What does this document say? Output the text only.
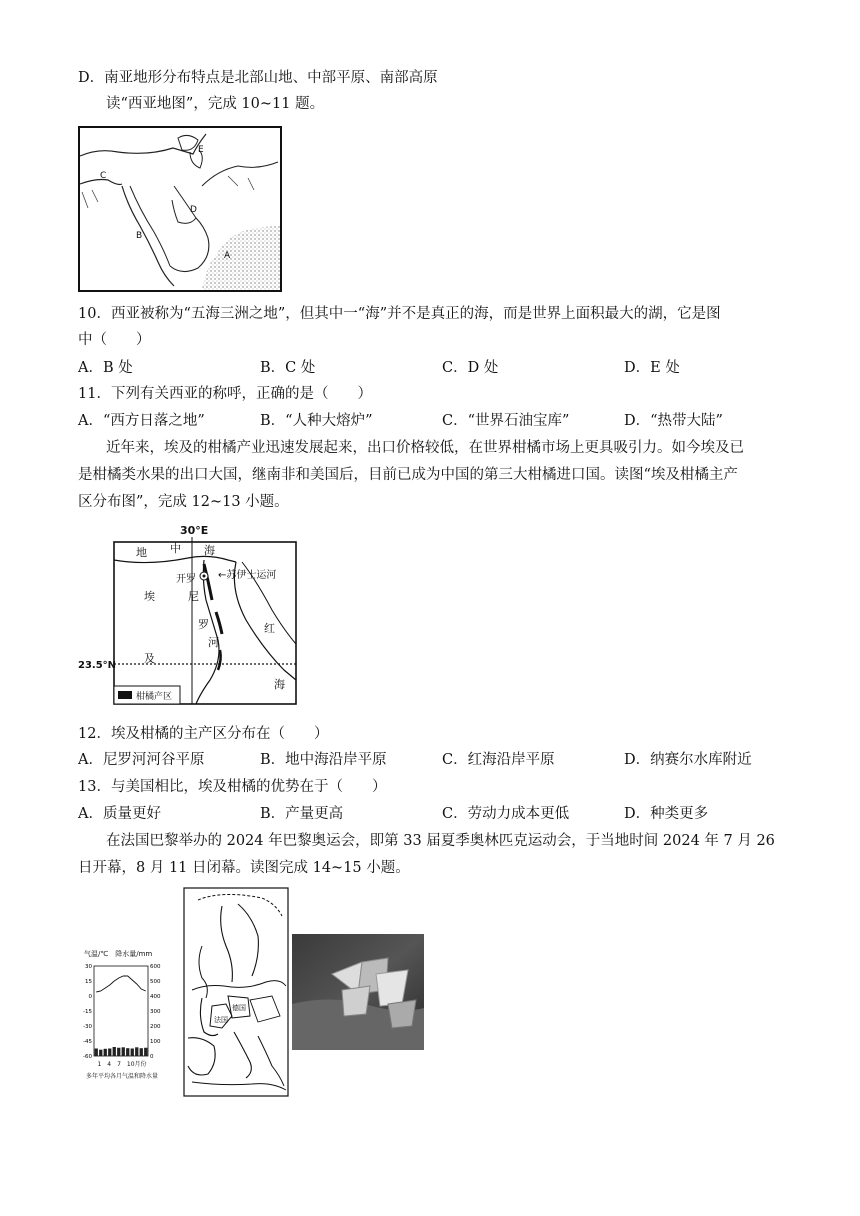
D．南亚地形分布特点是北部山地、中部平原、南部高原
读“西亚地图”，完成 10~11 题。
E
C
D
B
A
10．西亚被称为“五海三洲之地”，但其中一“海”并不是真正的海，而是世界上面积最大的湖，它是图
中（　　）
A．B 处	B．C 处	C．D 处	D．E 处
11．下列有关西亚的称呼，正确的是（　　）
A．“西方日落之地”	B．“人种大熔炉”	C．“世界石油宝库”	D．“热带大陆”
近年来，埃及的柑橘产业迅速发展起来，出口价格较低，在世界柑橘市场上更具吸引力。如今埃及已
是柑橘类水果的出口大国，继南非和美国后，目前已成为中国的第三大柑橘进口国。读图“埃及柑橘主产
区分布图”，完成 12~13 小题。
30°E
23.5°N
地 中 海
←苏伊士运河
开罗
尼
罗
河
埃
及
红
海
柑橘产区
12．埃及柑橘的主产区分布在（　　）
A．尼罗河河谷平原	B．地中海沿岸平原	C．红海沿岸平原	D．纳赛尔水库附近
13．与美国相比，埃及柑橘的优势在于（　　）
A．质量更好	B．产量更高	C．劳动力成本更低	D．种类更多
在法国巴黎举办的 2024 年巴黎奥运会，即第 33 届夏季奥林匹克运动会，于当地时间 2024 年 7 月 26
日开幕，8 月 11 日闭幕。读图完成 14~15 小题。
气温/℃　降水量/mm
1　4　7　10月份
多年平均各月气温和降水量
30
15
0
-15
-30
-45
-60
600
500
400
300
200
100
0
德国
法国
